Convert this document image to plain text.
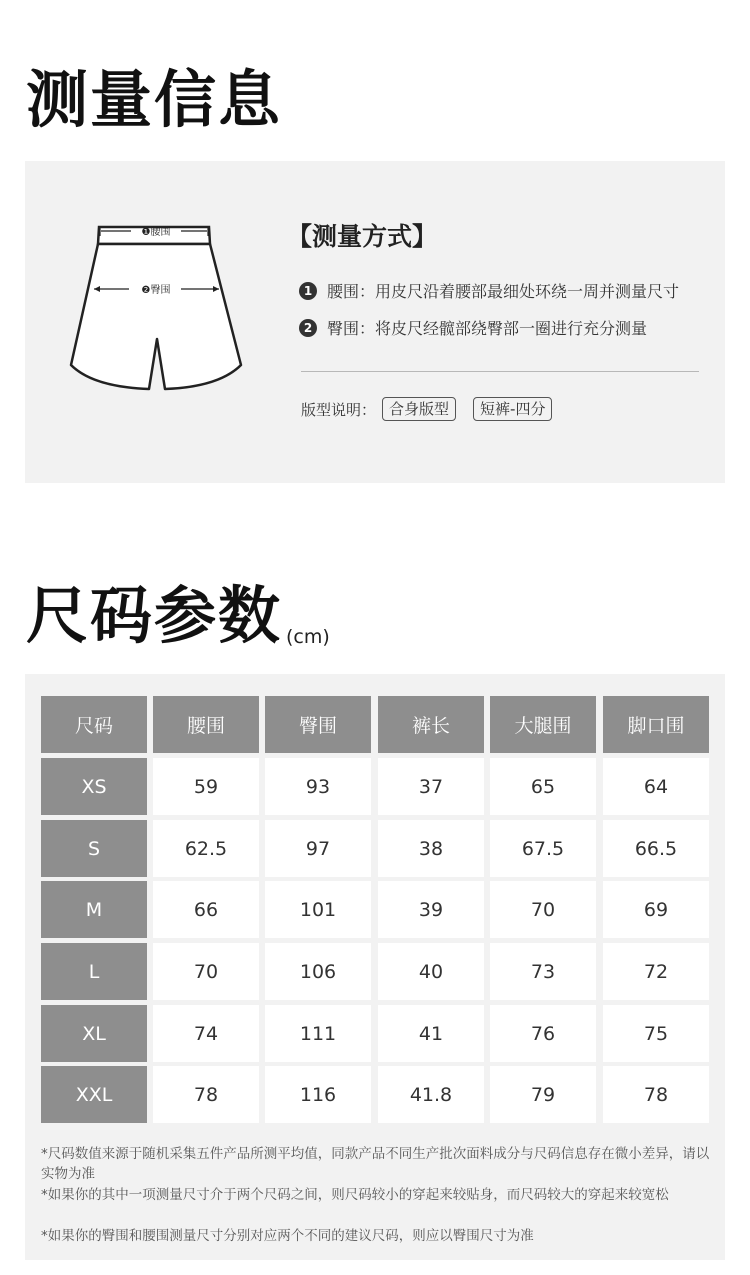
测量信息
❶腰围
❷臀围
【测量方式】
1 腰围：用皮尺沿着腰部最细处环绕一周并测量尺寸
2 臀围：将皮尺经髋部绕臀部一圈进行充分测量
版型说明： 合身版型	短裤-四分
尺码参数 (cm)
尺码	腰围	臀围	裤长	大腿围	脚口围
XS	59	93	37	65	64
S	62.5	97	38	67.5	66.5
M	66	101	39	70	69
L	70	106	40	73	72
XL	74	111	41	76	75
XXL	78	116	41.8	79	78
*尺码数值来源于随机采集五件产品所测平均值，同款产品不同生产批次面料成分与尺码信息存在微小差异，请以实物为准
*如果你的其中一项测量尺寸介于两个尺码之间，则尺码较小的穿起来较贴身，而尺码较大的穿起来较宽松
*如果你的臀围和腰围测量尺寸分别对应两个不同的建议尺码，则应以臀围尺寸为准
